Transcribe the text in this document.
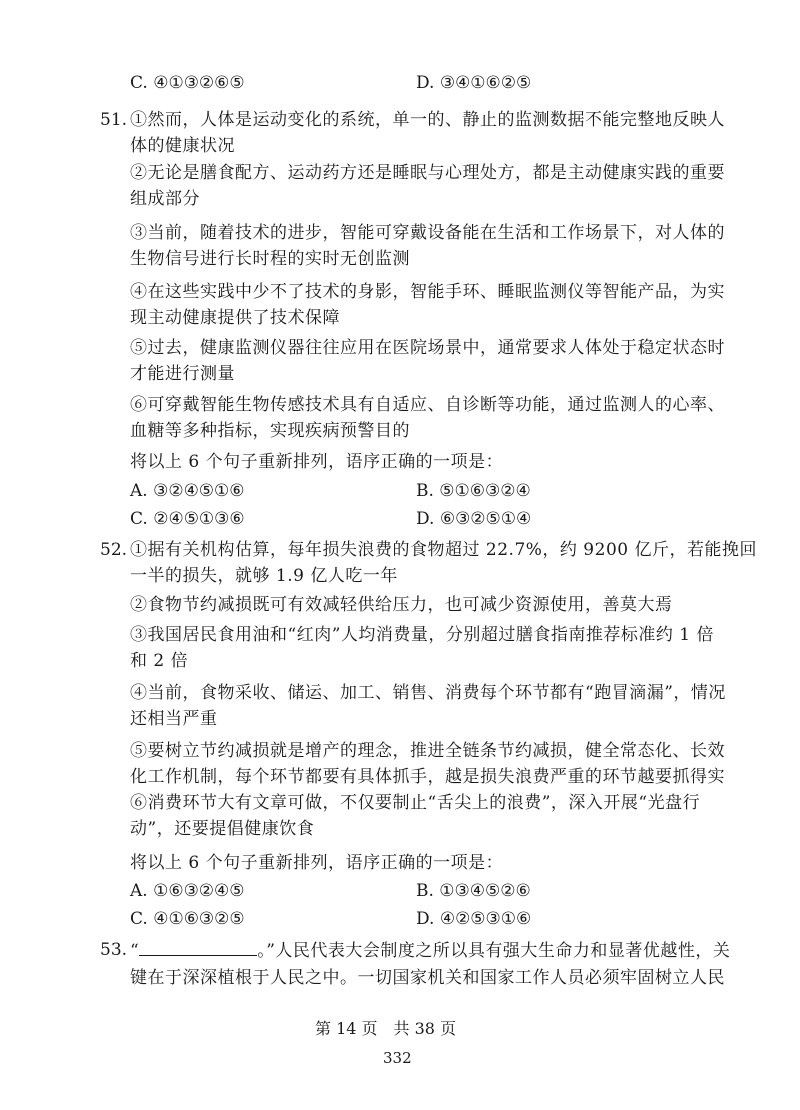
C. ④①③②⑥⑤	D. ③④①⑥②⑤
51. ①然而，人体是运动变化的系统，单一的、静止的监测数据不能完整地反映人
体的健康状况
②无论是膳食配方、运动药方还是睡眠与心理处方，都是主动健康实践的重要
组成部分
③当前，随着技术的进步，智能可穿戴设备能在生活和工作场景下，对人体的
生物信号进行长时程的实时无创监测
④在这些实践中少不了技术的身影，智能手环、睡眠监测仪等智能产品，为实
现主动健康提供了技术保障
⑤过去，健康监测仪器往往应用在医院场景中，通常要求人体处于稳定状态时
才能进行测量
⑥可穿戴智能生物传感技术具有自适应、自诊断等功能，通过监测人的心率、
血糖等多种指标，实现疾病预警目的
将以上 6 个句子重新排列，语序正确的一项是：
A. ③②④⑤①⑥	B. ⑤①⑥③②④
C. ②④⑤①③⑥	D. ⑥③②⑤①④
52. ①据有关机构估算，每年损失浪费的食物超过 22.7%，约 9200 亿斤，若能挽回
一半的损失，就够 1.9 亿人吃一年
②食物节约减损既可有效减轻供给压力，也可减少资源使用，善莫大焉
③我国居民食用油和“红肉”人均消费量，分别超过膳食指南推荐标准约 1 倍
和 2 倍
④当前，食物采收、储运、加工、销售、消费每个环节都有“跑冒滴漏”，情况
还相当严重
⑤要树立节约减损就是增产的理念，推进全链条节约减损，健全常态化、长效
化工作机制，每个环节都要有具体抓手，越是损失浪费严重的环节越要抓得实
⑥消费环节大有文章可做，不仅要制止“舌尖上的浪费”，深入开展“光盘行
动”，还要提倡健康饮食
将以上 6 个句子重新排列，语序正确的一项是：
A. ①⑥③②④⑤	B. ①③④⑤②⑥
C. ④①⑥③②⑤	D. ④②⑤③①⑥
53. “	。”人民代表大会制度之所以具有强大生命力和显著优越性，关
键在于深深植根于人民之中。一切国家机关和国家工作人员必须牢固树立人民
第 14 页　共 38 页
332
